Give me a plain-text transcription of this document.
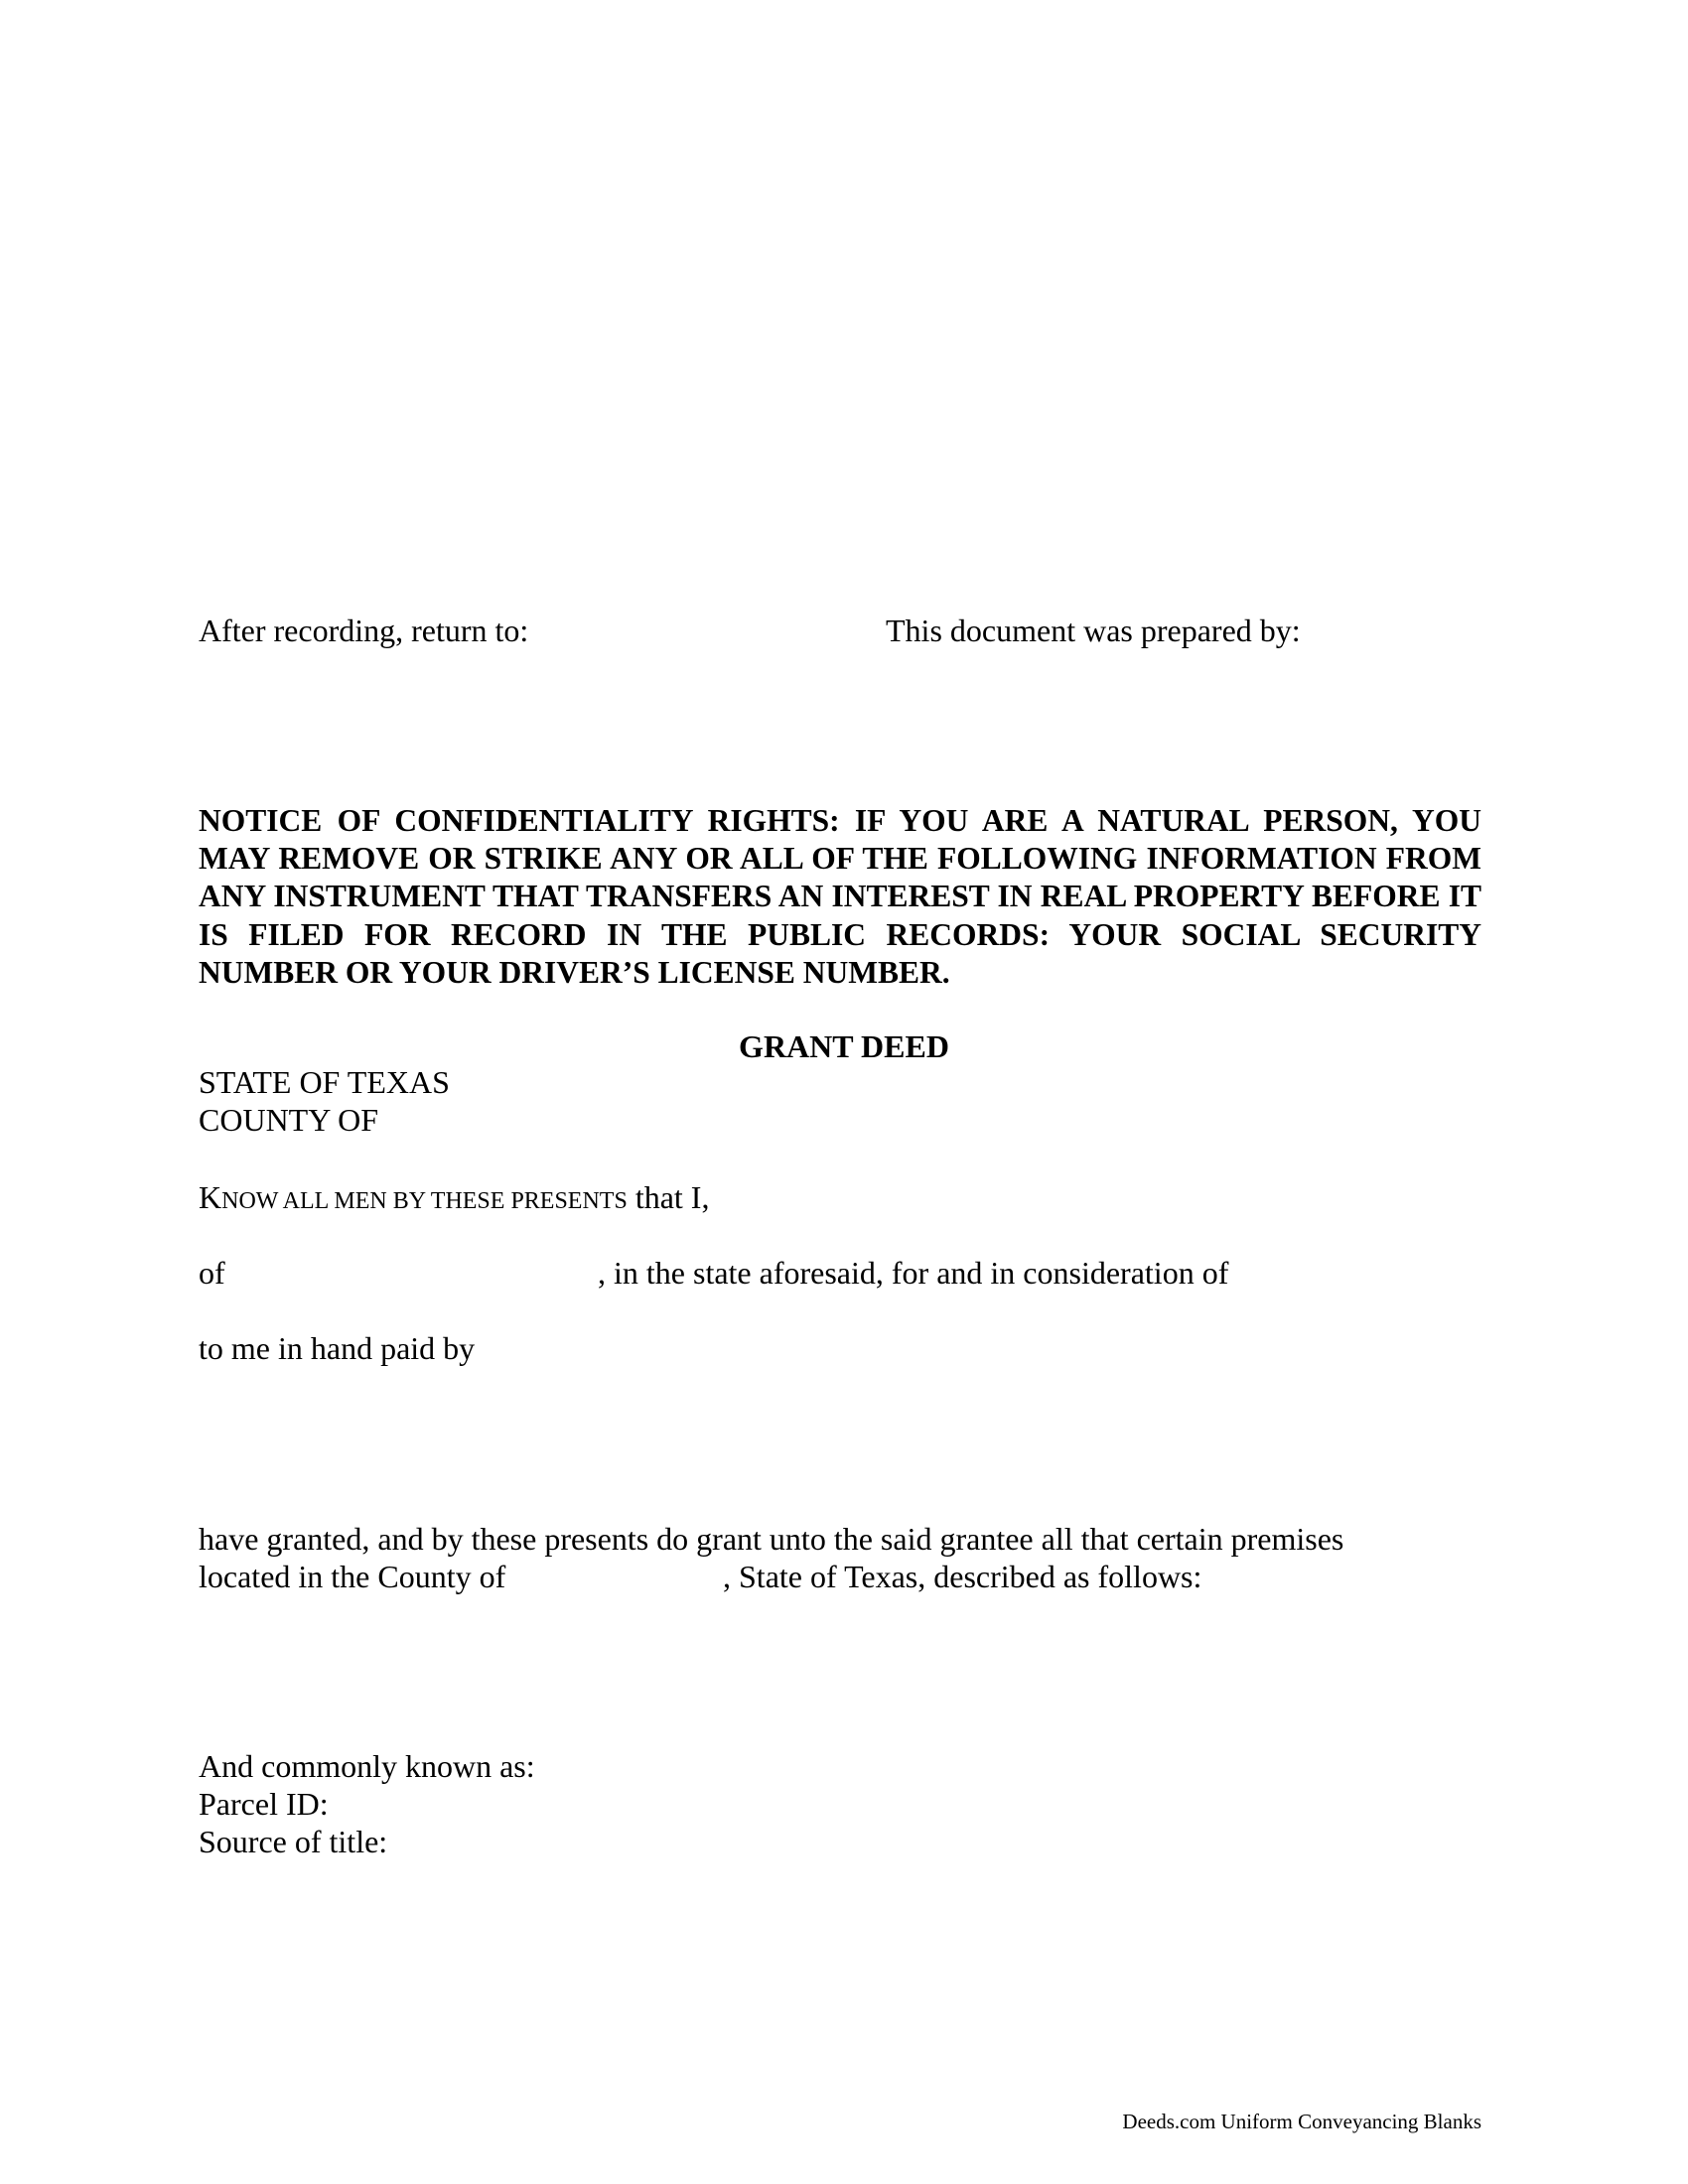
After recording, return to:	This document was prepared by:
NOTICE OF CONFIDENTIALITY RIGHTS: IF YOU ARE A NATURAL PERSON, YOU MAY REMOVE OR STRIKE ANY OR ALL OF THE FOLLOWING INFORMATION FROM ANY INSTRUMENT THAT TRANSFERS AN INTEREST IN REAL PROPERTY BEFORE IT IS FILED FOR RECORD IN THE PUBLIC RECORDS: YOUR SOCIAL SECURITY NUMBER OR YOUR DRIVER’S LICENSE NUMBER.
GRANT DEED
STATE OF TEXAS
COUNTY OF
KNOW ALL MEN BY THESE PRESENTS that I,
of	, in the state aforesaid, for and in consideration of
to me in hand paid by
have granted, and by these presents do grant unto the said grantee all that certain premises
located in the County of	, State of Texas, described as follows:
And commonly known as:
Parcel ID:
Source of title:
Deeds.com Uniform Conveyancing Blanks
